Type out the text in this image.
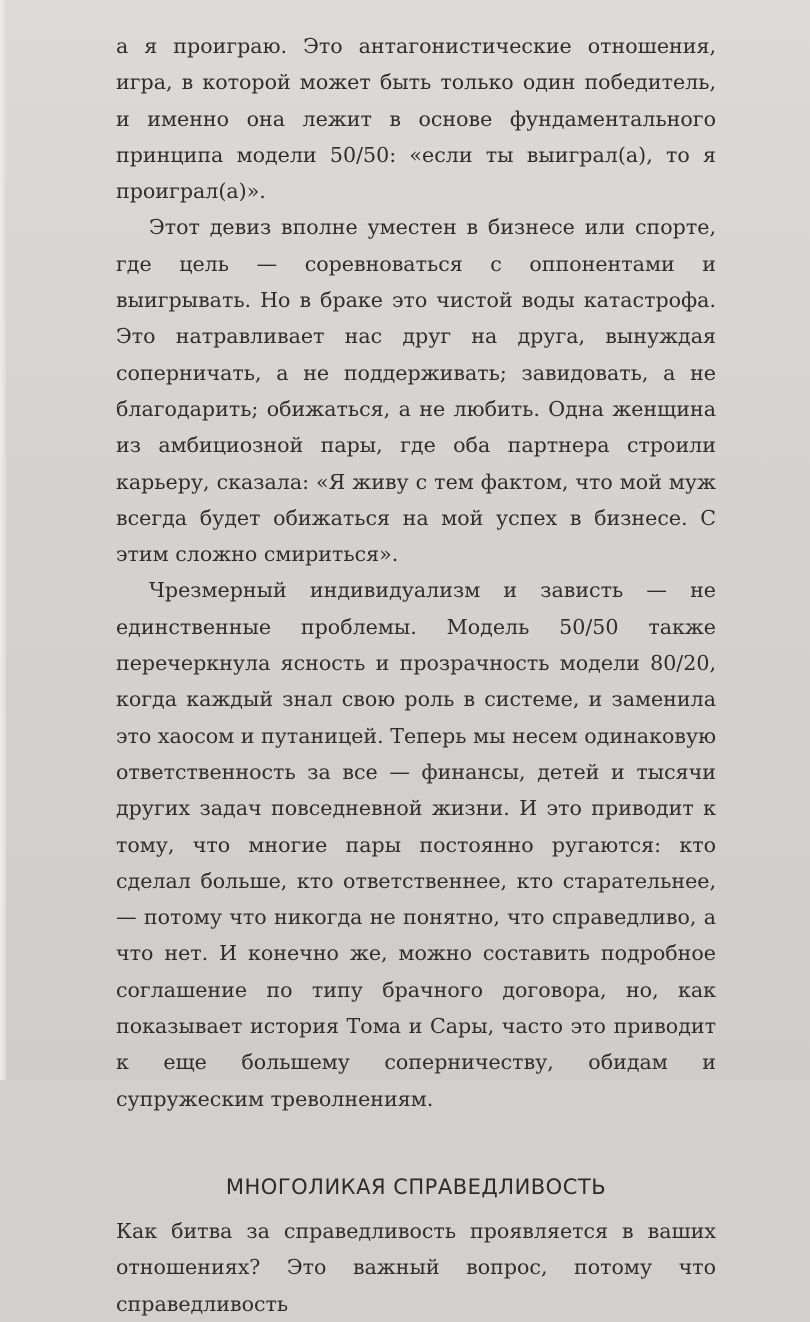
а я проиграю. Это антагонистические отношения, игра, в которой может быть только один победитель, и именно она лежит в основе фундаментального принципа модели 50/50: «если ты выиграл(а), то я проиграл(а)».

Этот девиз вполне уместен в бизнесе или спорте, где цель — соревноваться с оппонентами и выигрывать. Но в браке это чистой воды катастрофа. Это натравливает нас друг на друга, вынуждая соперничать, а не поддерживать; завидовать, а не благодарить; обижаться, а не любить. Одна женщина из амбициозной пары, где оба партнера строили карьеру, сказала: «Я живу с тем фактом, что мой муж всегда будет обижаться на мой успех в бизнесе. С этим сложно смириться».

Чрезмерный индивидуализм и зависть — не единственные проблемы. Модель 50/50 также перечеркнула ясность и прозрачность модели 80/20, когда каждый знал свою роль в системе, и заменила это хаосом и путаницей. Теперь мы несем одинаковую ответственность за все — финансы, детей и тысячи других задач повседневной жизни. И это приводит к тому, что многие пары постоянно ругаются: кто сделал больше, кто ответственнее, кто старательнее, — потому что никогда не понятно, что справедливо, а что нет. И конечно же, можно составить подробное соглашение по типу брачного договора, но, как показывает история Тома и Сары, часто это приводит к еще большему соперничеству, обидам и супружеским треволнениям.

МНОГОЛИКАЯ СПРАВЕДЛИВОСТЬ

Как битва за справедливость проявляется в ваших отношениях? Это важный вопрос, потому что справедливость
